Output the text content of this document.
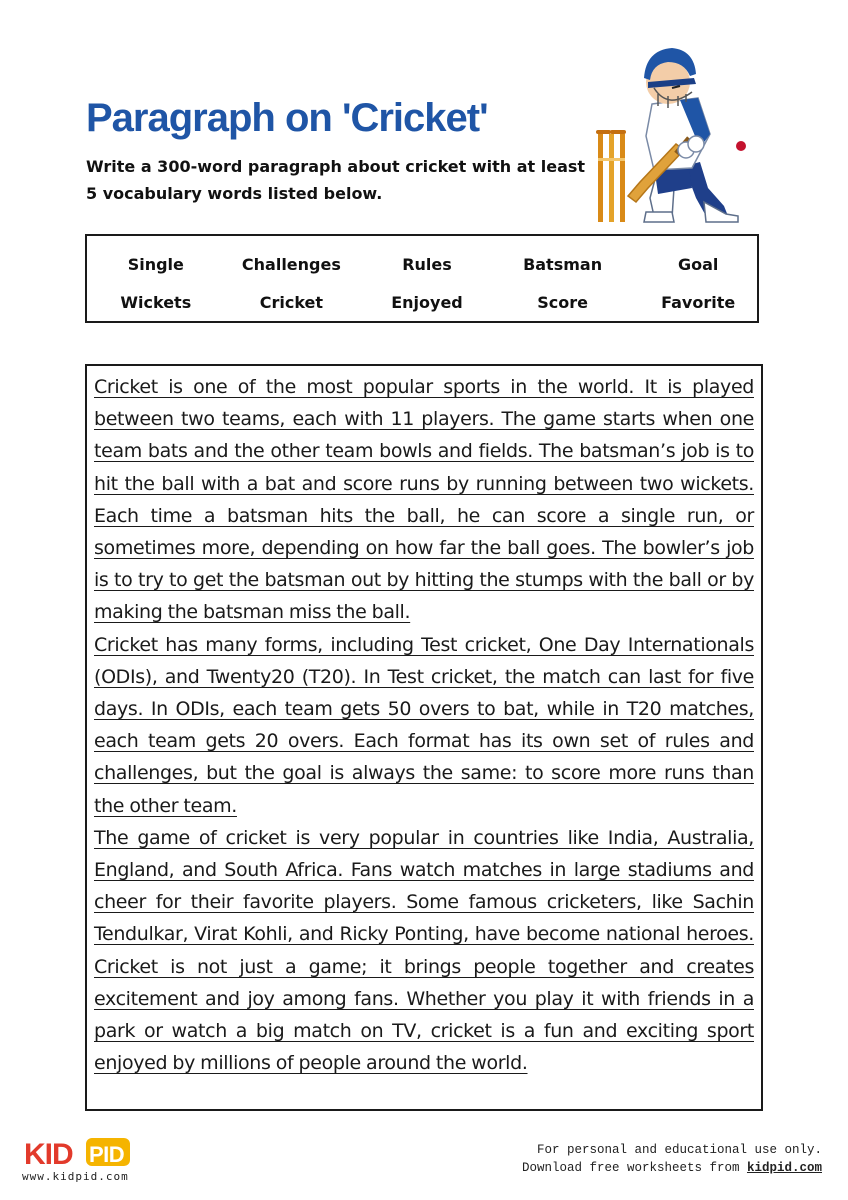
Paragraph on 'Cricket'

Write a 300-word paragraph about cricket with at least 5 vocabulary words listed below.

Single	Challenges	Rules	Batsman	Goal
Wickets	Cricket	Enjoyed	Score	Favorite

Cricket is one of the most popular sports in the world. It is played between two teams, each with 11 players. The game starts when one team bats and the other team bowls and fields. The batsman’s job is to hit the ball with a bat and score runs by running between two wickets. Each time a batsman hits the ball, he can score a single run, or sometimes more, depending on how far the ball goes. The bowler’s job is to try to get the batsman out by hitting the stumps with the ball or by making the batsman miss the ball.

Cricket has many forms, including Test cricket, One Day Internationals (ODIs), and Twenty20 (T20). In Test cricket, the match can last for five days. In ODIs, each team gets 50 overs to bat, while in T20 matches, each team gets 20 overs. Each format has its own set of rules and challenges, but the goal is always the same: to score more runs than the other team.

The game of cricket is very popular in countries like India, Australia, England, and South Africa. Fans watch matches in large stadiums and cheer for their favorite players. Some famous cricketers, like Sachin Tendulkar, Virat Kohli, and Ricky Ponting, have become national heroes. Cricket is not just a game; it brings people together and creates excitement and joy among fans. Whether you play it with friends in a park or watch a big match on TV, cricket is a fun and exciting sport enjoyed by millions of people around the world.

KID PID
www.kidpid.com
For personal and educational use only.
Download free worksheets from kidpid.com
